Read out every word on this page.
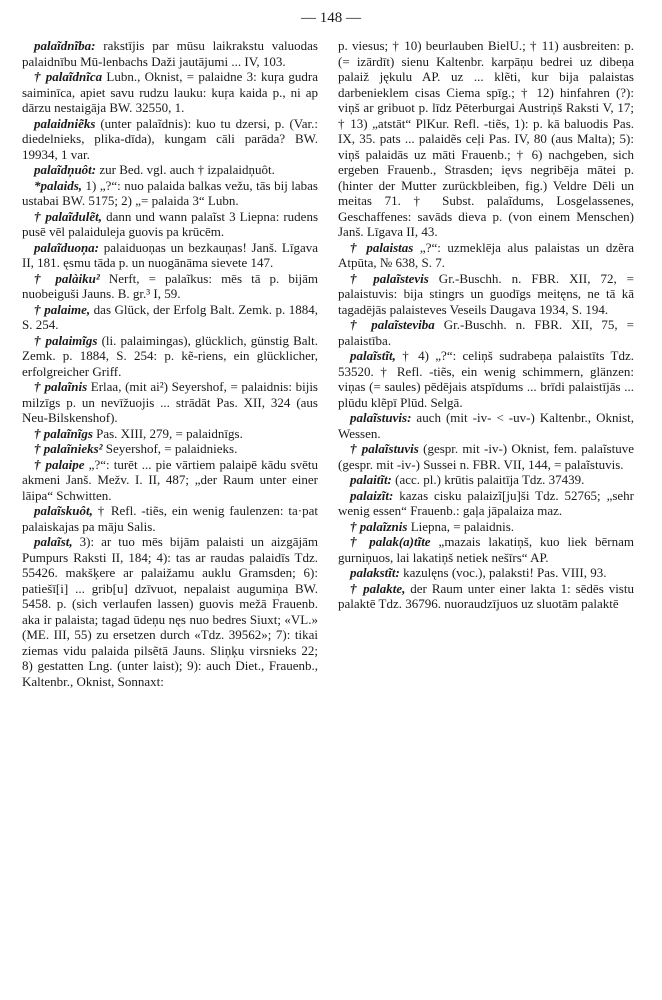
— 148 —

palaĩdnĩba: rakstījis par mūsu laikrakstu valuodas palaidnību Mū-lenbachs Daži jautājumi ... IV, 103.

† palaĩdnĩca Lubn., Oknist, = palaidne 3: kuŗa gudra saiminīca, apiet savu rudzu lauku: kuŗa kaida p., ni ap dārzu nestaigāja BW. 32550, 1.

palaidniẽks (unter palaĩdnis): kuo tu dzersi, p. (Var.: diedelnieks, plika-dīda), kungam cāli parāda? BW. 19934, 1 var.

palaĩdņuôt: zur Bed. vgl. auch † izpalaidņuôt.

*palaids, 1) „?“: nuo palaida balkas vežu, tās bij labas ustabai BW. 5175; 2) „= palaidа 3“ Lubn.

† palaĩdulẽt, dann und wann palaĩst 3 Liepna: rudens pusē vēl palaiduleja guovis pa krūcēm.

palaĩduoņa: palaiduoņas un bezkauņas! Janš. Līgava II, 181. ęsmu tāda p. un nuogānāma sievete 147.

† palàiku² Nerft, = palaĩkus: mēs tā p. bijām nuobeiguši Jauns. B. gr.³ I, 59.

† palaime, das Glück, der Erfolg Balt. Zemk. p. 1884, S. 254.

† palaimĩgs (li. palaimingas), glücklich, günstig Balt. Zemk. p. 1884, S. 254: p. kẽ-riens, ein glücklicher, erfolgreicher Griff.

† palaĩnis Erlaa, (mit ai²) Seyershof, = palaidnis: bijis milzīgs p. un nevīžuojis ... strādāt Pas. XII, 324 (aus Neu-Bilskenshof).

† palaĩnĩgs Pas. XIII, 279, = palaidnīgs.

† palaĩnieks² Seyershof, = palaidnieks.

† palaipe „?“: turēt ... pie vārtiem palaipē kādu svētu akmeni Janš. Mežv. I. II, 487; „der Raum unter einer lāipa“ Schwitten.

palaĩskuôt, † Refl. -tiẽs, ein wenig faulenzen: ta·pat palaiskajas pa māju Salis.

palaĩst, 3): ar tuo mēs bijām palaisti un aizgājām Pumpurs Raksti II, 184; 4): tas ar raudas palaidīs Tdz. 55426. makšķere ar palaižamu auklu Gramsden; 6): patiešī[i] ... grib[u] dzīvuot, nepalaist augumiņa BW. 5458. p. (sich verlaufen lassen) guovis mežā Frauenb. aka ir palaista; tagad ūdeņu nęs nuo bedres Siuxt; «VL.» (ME. III, 55) zu ersetzen durch «Tdz. 39562»; 7): tikai ziemas vidu palaida pilsẽtā Jauns. Sliņķu virsnieks 22; 8) gestatten Lng. (unter laist); 9): auch Diet., Frauenb., Kaltenbr., Oknist, Sonnaxt:

p. viesus; † 10) beurlauben BielU.; † 11) ausbreiten: p. (= izārdīt) sienu Kaltenbr. karpāņu bedrei uz dibeņa palaiž jękulu AP. uz ... klẽti, kur bija palaistas darbenieklem cisas Ciema spīg.; † 12) hinfahren (?): viņš ar gribuot p. līdz Pēterburgai Austriņš Raksti V, 17; † 13) „atstāt“ PlKur. Refl. -tiẽs, 1): p. kā baluodis Pas. IX, 35. pats ... palaidẽs ceļi Pas. IV, 80 (aus Malta); 5): viņš palaidās uz māti Frauenb.; † 6) nachgeben, sich ergeben Frauenb., Strasden; ięvs negribēja mātei p. (hinter der Mutter zurückbleiben, fig.) Veldre Dēli un meitas 71. † Subst. palaĩdums, Losgelassenes, Geschaffenes: savāds dieva p. (von einem Menschen) Janš. Līgava II, 43.

† palaistas „?“: uzmeklēja alus palaistas un dzẽra Atpūta, № 638, S. 7.

† palaĩstevis Gr.-Buschh. n. FBR. XII, 72, = palaistuvis: bija stingrs un guodīgs meitęns, ne tā kā tagadējās palaisteves Veseils Daugava 1934, S. 194.

† palaĩsteviba Gr.-Buschh. n. FBR. XII, 75, = palaistība.

palaĩstĩt, † 4) „?“: celiņš sudrabeņa palaistīts Tdz. 53520. † Refl. -tiẽs, ein wenig schimmern, glänzen: viņas (= saules) pēdējais atspīdums ... brīdi palaistījās ... plūdu klẽpī Plūd. Selgā.

palaĩstuvis: auch (mit -iv- < -uv-) Kaltenbr., Oknist, Wessen.

† palaĩstuvis (gespr. mit -iv-) Oknist, fem. palaĩstuve (gespr. mit -iv-) Sussei n. FBR. VII, 144, = palaĩstuvis.

palaitĩt: (acc. pl.) krūtis palaitīja Tdz. 37439.

palaizĩt: kazas cisku palaizĩ[ju]ši Tdz. 52765; „sehr wenig essen“ Frauenb.: gaļa jāpalaiza maz.

† palaĩznis Liepna, = palaidnis.

† palak(a)tĩte „mazais lakatiņš, kuo liek bērnam gurniņuos, lai lakatiņš netiek nešīrs“ AP.

palakstĩt: kazulęns (voc.), palaksti! Pas. VIII, 93.

† palakte, der Raum unter einer lakta 1: sēdēs vistu palaktē Tdz. 36796. nuoraudzījuos uz sluotām palaktē
